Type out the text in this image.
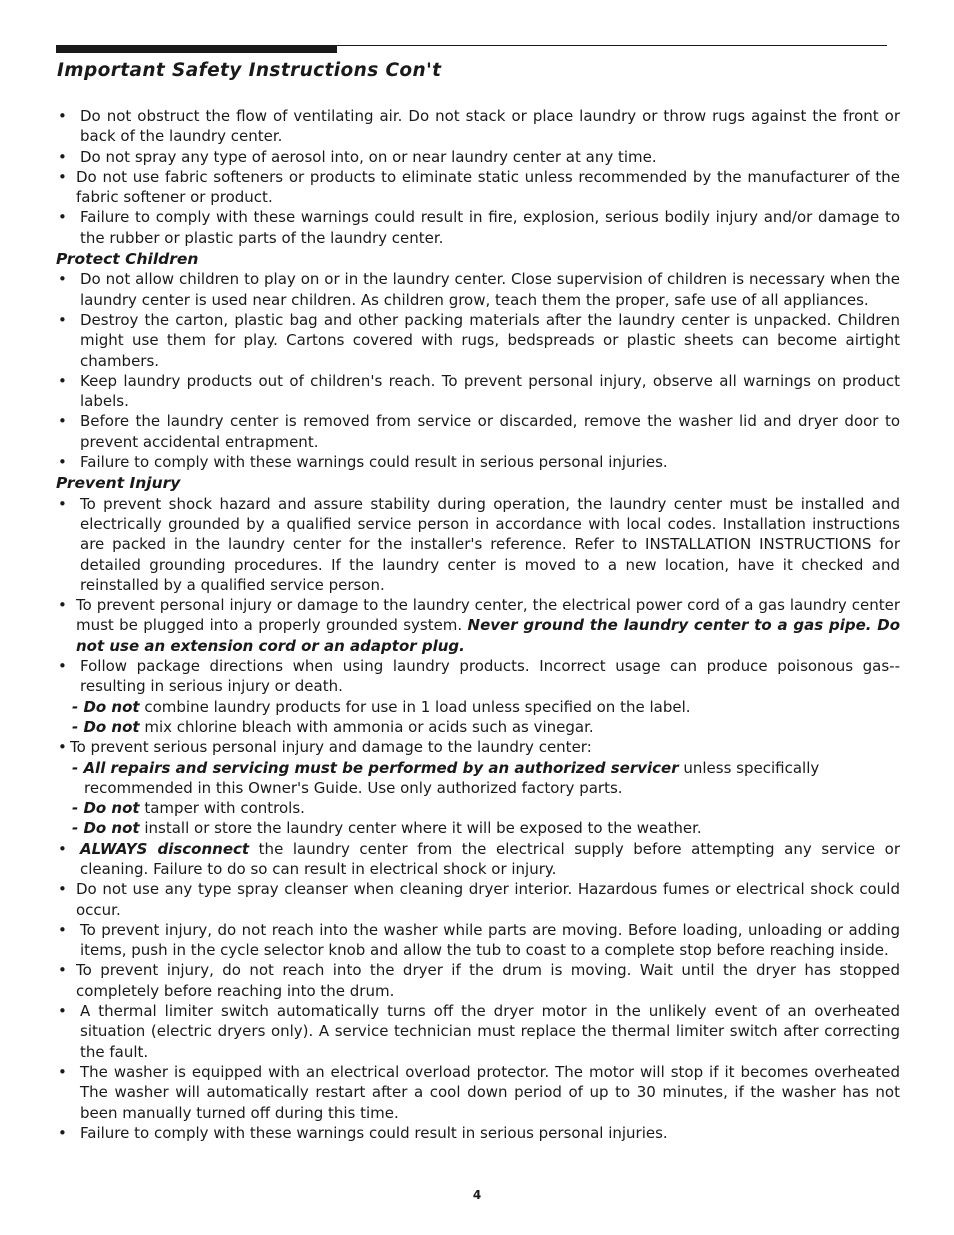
Important Safety Instructions Con't

• Do not obstruct the flow of ventilating air. Do not stack or place laundry or throw rugs against the front or back of the laundry center.

• Do not spray any type of aerosol into, on or near laundry center at any time.

• Do not use fabric softeners or products to eliminate static unless recommended by the manufacturer of the fabric softener or product.

• Failure to comply with these warnings could result in fire, explosion, serious bodily injury and/or damage to the rubber or plastic parts of the laundry center.

Protect Children

• Do not allow children to play on or in the laundry center. Close supervision of children is necessary when the laundry center is used near children. As children grow, teach them the proper, safe use of all appliances.

• Destroy the carton, plastic bag and other packing materials after the laundry center is unpacked. Children might use them for play. Cartons covered with rugs, bedspreads or plastic sheets can become airtight chambers.

• Keep laundry products out of children's reach. To prevent personal injury, observe all warnings on product labels.

• Before the laundry center is removed from service or discarded, remove the washer lid and dryer door to prevent accidental entrapment.

• Failure to comply with these warnings could result in serious personal injuries.

Prevent Injury

• To prevent shock hazard and assure stability during operation, the laundry center must be installed and electrically grounded by a qualified service person in accordance with local codes. Installation instructions are packed in the laundry center for the installer's reference. Refer to INSTALLATION INSTRUCTIONS for detailed grounding procedures. If the laundry center is moved to a new location, have it checked and reinstalled by a qualified service person.

• To prevent personal injury or damage to the laundry center, the electrical power cord of a gas laundry center must be plugged into a properly grounded system. Never ground the laundry center to a gas pipe. Do not use an extension cord or an adaptor plug.

• Follow package directions when using laundry products. Incorrect usage can produce poisonous gas--resulting in serious injury or death.

- Do not combine laundry products for use in 1 load unless specified on the label.

- Do not mix chlorine bleach with ammonia or acids such as vinegar.

• To prevent serious personal injury and damage to the laundry center:

- All repairs and servicing must be performed by an authorized servicer unless specifically

recommended in this Owner's Guide. Use only authorized factory parts.

- Do not tamper with controls.

- Do not install or store the laundry center where it will be exposed to the weather.

• ALWAYS disconnect the laundry center from the electrical supply before attempting any service or cleaning. Failure to do so can result in electrical shock or injury.

• Do not use any type spray cleanser when cleaning dryer interior. Hazardous fumes or electrical shock could occur.

• To prevent injury, do not reach into the washer while parts are moving. Before loading, unloading or adding items, push in the cycle selector knob and allow the tub to coast to a complete stop before reaching inside.

• To prevent injury, do not reach into the dryer if the drum is moving. Wait until the dryer has stopped completely before reaching into the drum.

• A thermal limiter switch automatically turns off the dryer motor in the unlikely event of an overheated situation (electric dryers only). A service technician must replace the thermal limiter switch after correcting the fault.

• The washer is equipped with an electrical overload protector. The motor will stop if it becomes overheated The washer will automatically restart after a cool down period of up to 30 minutes, if the washer has not been manually turned off during this time.

• Failure to comply with these warnings could result in serious personal injuries.

4
